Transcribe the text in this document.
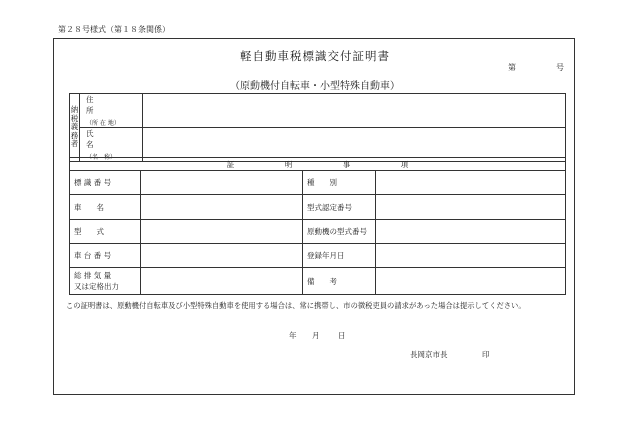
第２８号様式（第１８条関係）
軽自動車税標識交付証明書
第	号
（原動機付自転車・小型特殊自動車）
納
税
義
務
者	住　所
（所 在 地）	

	氏　名
（名　称）	

証 明 事 項			
標 識 番 号		種　　別	
車　　名		型式認定番号	
型　　式		原動機の型式番号	
車 台 番 号		登録年月日	
総 排 気 量
又は定格出力		備　　考	
この証明書は、原動機付自転車及び小型特殊自動車を使用する場合は、常に携帯し、市の徴税吏員の請求があった場合は提示してください。
年 月 日
長岡京市長	印
